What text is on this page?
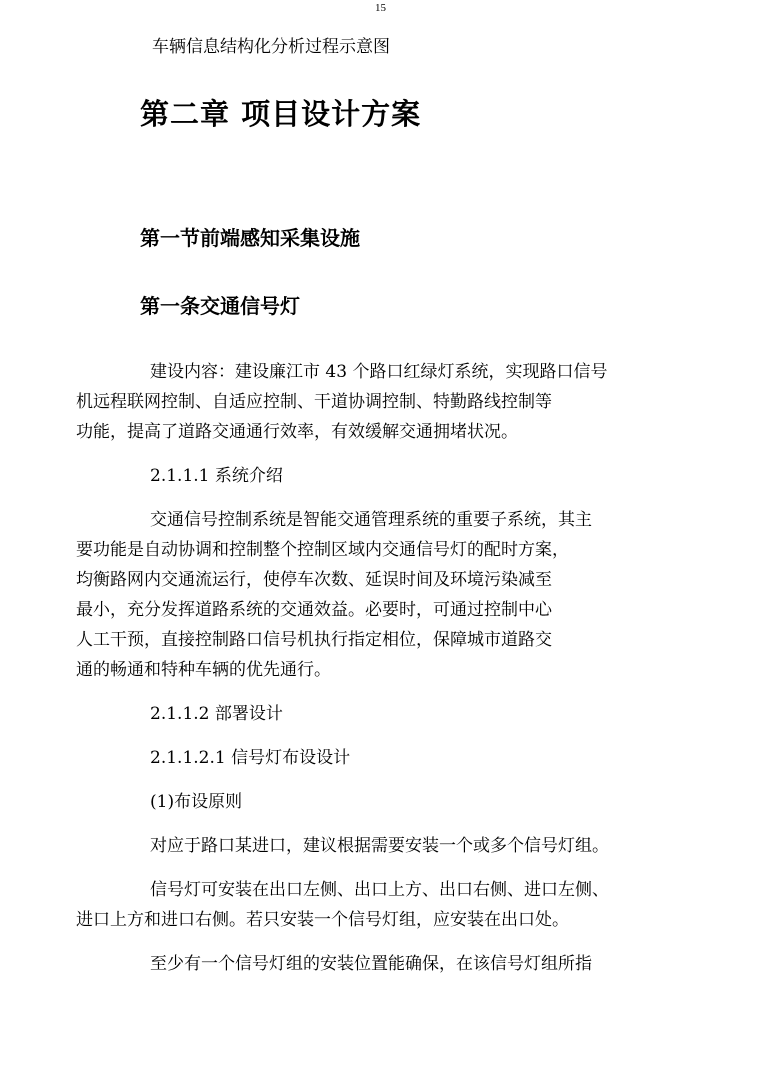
15
车辆信息结构化分析过程示意图
第二章 项目设计方案
第一节前端感知采集设施
第一条交通信号灯

建设内容：建设廉江市 43 个路口红绿灯系统，实现路口信号
机远程联网控制、自适应控制、干道协调控制、特勤路线控制等
功能，提高了道路交通通行效率，有效缓解交通拥堵状况。

2.1.1.1 系统介绍

交通信号控制系统是智能交通管理系统的重要子系统，其主
要功能是自动协调和控制整个控制区域内交通信号灯的配时方案，
均衡路网内交通流运行，使停车次数、延误时间及环境污染减至
最小，充分发挥道路系统的交通效益。必要时，可通过控制中心
人工干预，直接控制路口信号机执行指定相位，保障城市道路交
通的畅通和特种车辆的优先通行。

2.1.1.2 部署设计
2.1.1.2.1 信号灯布设设计
(1)布设原则

对应于路口某进口，建议根据需要安装一个或多个信号灯组。

信号灯可安装在出口左侧、出口上方、出口右侧、进口左侧、
进口上方和进口右侧。若只安装一个信号灯组，应安装在出口处。

至少有一个信号灯组的安装位置能确保，在该信号灯组所指
